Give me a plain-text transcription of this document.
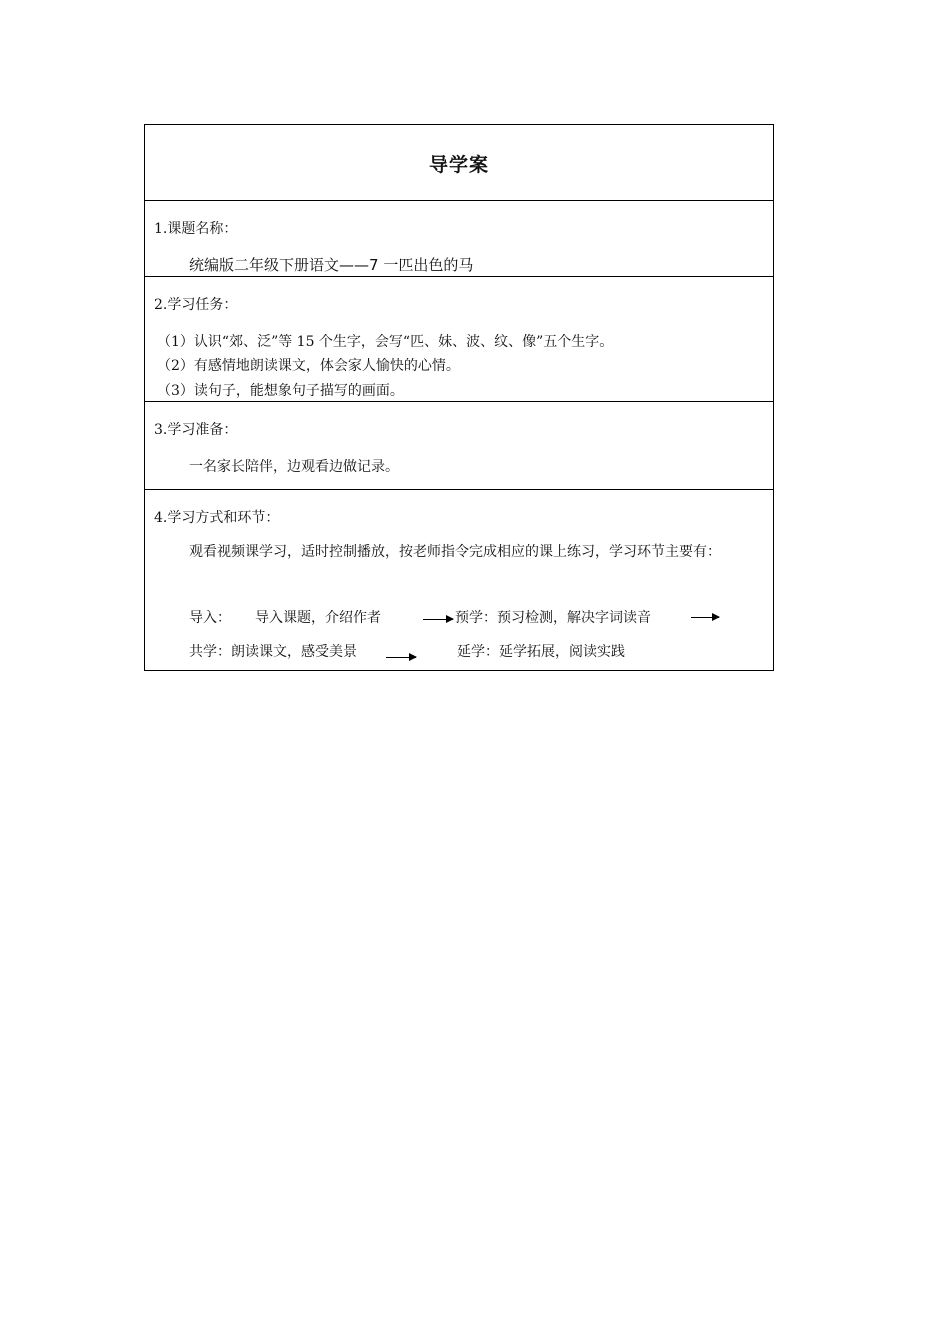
导学案
1.课题名称：
统编版二年级下册语文——7 一匹出色的马
2.学习任务：
（1）认识“郊、泛”等 15 个生字，会写“匹、妹、波、纹、像”五个生字。
（2）有感情地朗读课文，体会家人愉快的心情。
（3）读句子，能想象句子描写的画面。
3.学习准备：
一名家长陪伴，边观看边做记录。
4.学习方式和环节：
观看视频课学习，适时控制播放，按老师指令完成相应的课上练习，学习环节主要有：
导入： 导入课题，介绍作者	预学：预习检测，解决字词读音
共学：朗读课文，感受美景	延学：延学拓展，阅读实践
